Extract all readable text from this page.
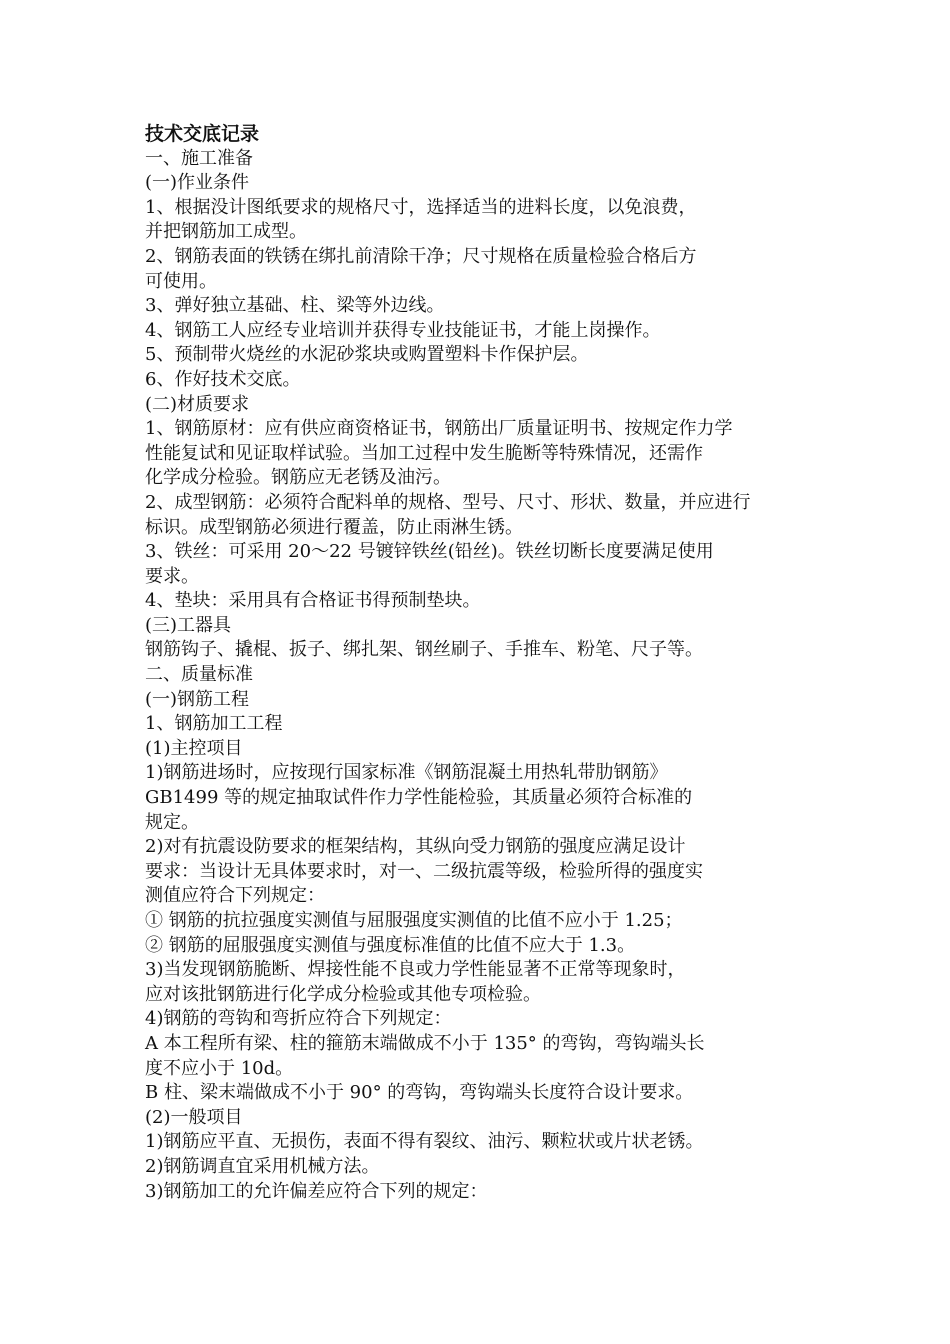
技术交底记录
一、施工准备
(一)作业条件
1、根据没计图纸要求的规格尺寸，选择适当的进料长度，以免浪费，
并把钢筋加工成型。
2、钢筋表面的铁锈在绑扎前清除干净；尺寸规格在质量检验合格后方
可使用。
3、弹好独立基础、柱、梁等外边线。
4、钢筋工人应经专业培训并获得专业技能证书，才能上岗操作。
5、预制带火烧丝的水泥砂浆块或购置塑料卡作保护层。
6、作好技术交底。
(二)材质要求
1、钢筋原材：应有供应商资格证书，钢筋出厂质量证明书、按规定作力学
性能复试和见证取样试验。当加工过程中发生脆断等特殊情况，还需作
化学成分检验。钢筋应无老锈及油污。
2、成型钢筋：必须符合配料单的规格、型号、尺寸、形状、数量，并应进行
标识。成型钢筋必须进行覆盖，防止雨淋生锈。
3、铁丝：可采用 20～22 号镀锌铁丝(铅丝)。铁丝切断长度要满足使用
要求。
4、垫块：采用具有合格证书得预制垫块。
(三)工器具
钢筋钩子、撬棍、扳子、绑扎架、钢丝刷子、手推车、粉笔、尺子等。
二、质量标准
(一)钢筋工程
1、钢筋加工工程
(1)主控项目
1)钢筋进场时，应按现行国家标准《钢筋混凝土用热轧带肋钢筋》
GB1499 等的规定抽取试件作力学性能检验，其质量必须符合标准的
规定。
2)对有抗震设防要求的框架结构，其纵向受力钢筋的强度应满足设计
要求：当设计无具体要求时，对一、二级抗震等级，检验所得的强度实
测值应符合下列规定：
① 钢筋的抗拉强度实测值与屈服强度实测值的比值不应小于 1.25；
② 钢筋的屈服强度实测值与强度标准值的比值不应大于 1.3。
3)当发现钢筋脆断、焊接性能不良或力学性能显著不正常等现象时，
应对该批钢筋进行化学成分检验或其他专项检验。
4)钢筋的弯钩和弯折应符合下列规定：
A 本工程所有梁、柱的箍筋末端做成不小于 135° 的弯钩，弯钩端头长
度不应小于 10d。
B 柱、梁末端做成不小于 90° 的弯钩，弯钩端头长度符合设计要求。
(2)一般项目
1)钢筋应平直、无损伤，表面不得有裂纹、油污、颗粒状或片状老锈。
2)钢筋调直宜采用机械方法。
3)钢筋加工的允许偏差应符合下列的规定：
